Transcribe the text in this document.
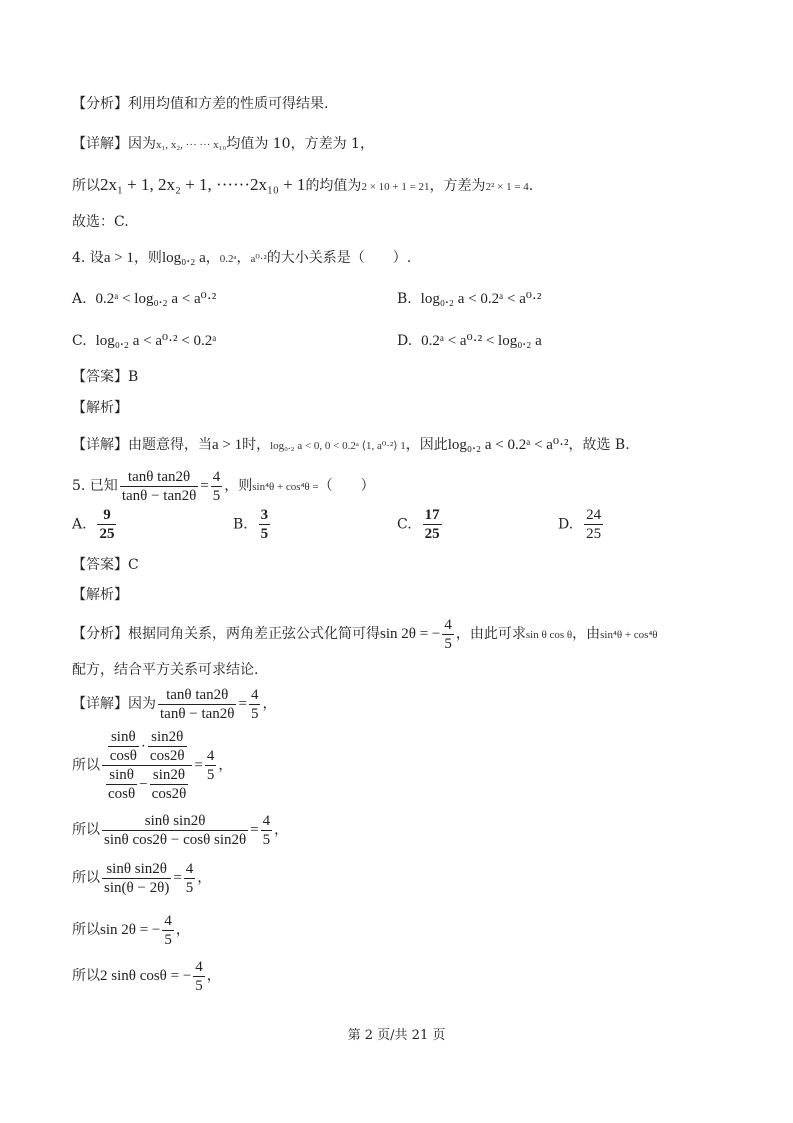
【分析】利用均值和方差的性质可得结果.
【详解】因为x₁, x₂, ··· ··· x₁₀均值为 10，方差为 1，
所以2x₁ + 1, 2x₂ + 1, ······2x₁₀ + 1的均值为2 × 10 + 1 = 21，方差为2² × 1 = 4.
故选：C.
4. 设a > 1，则log₀.₂ a，0.2ᵃ，a⁰·²的大小关系是（　　）.
A. 0.2ᵃ < log₀.₂ a < a⁰·²	B. log₀.₂ a < 0.2ᵃ < a⁰·²
C. log₀.₂ a < a⁰·² < 0.2ᵃ	D. 0.2ᵃ < a⁰·² < log₀.₂ a
【答案】B
【解析】
【详解】由题意得，当a > 1时，log₀.₂ a < 0, 0 < 0.2ᵃ ⟨1, a⁰·²⟩ 1，因此log₀.₂ a < 0.2ᵃ < a⁰·²，故选 B.
5. 已知 $\frac{\text{tanθ tan2θ}}{\tan\theta - \tan 2\theta} = \frac{4}{5}$ ，则sin⁴θ + cos⁴θ =（　　）
A. $\frac{9}{25}$	B. $\frac{3}{5}$	C. $\frac{17}{25}$	D. $\frac{24}{25}$
【答案】C
【解析】
【分析】根据同角关系，两角差正弦公式化简可得sin 2θ = − $\frac{4}{5}$ ，由此可求sin θ cos θ，由sin⁴θ + cos⁴θ
配方，结合平方关系可求结论.
【详解】因为 $\frac{\text{tanθ tan2θ}}{\tan\theta - \tan 2\theta} = \frac{4}{5}$ ，
所以 $\frac{\frac{\sin\theta}{\cos\theta} \cdot \frac{\sin 2\theta}{\cos 2\theta}}{\frac{\sin\theta}{\cos\theta} - \frac{\sin 2\theta}{\cos 2\theta}} = \frac{4}{5}$ ，
所以 $\frac{\text{sinθ sin2θ}}{\text{sinθ cos2θ − cosθ sin2θ}} = \frac{4}{5}$ ，
所以 $\frac{\text{sinθ sin2θ}}{\sin(\theta - 2\theta)} = \frac{4}{5}$ ，
所以sin 2θ = − $\frac{4}{5}$ ，
所以2 sinθ cosθ = − $\frac{4}{5}$ ，
第 2 页/共 21 页
